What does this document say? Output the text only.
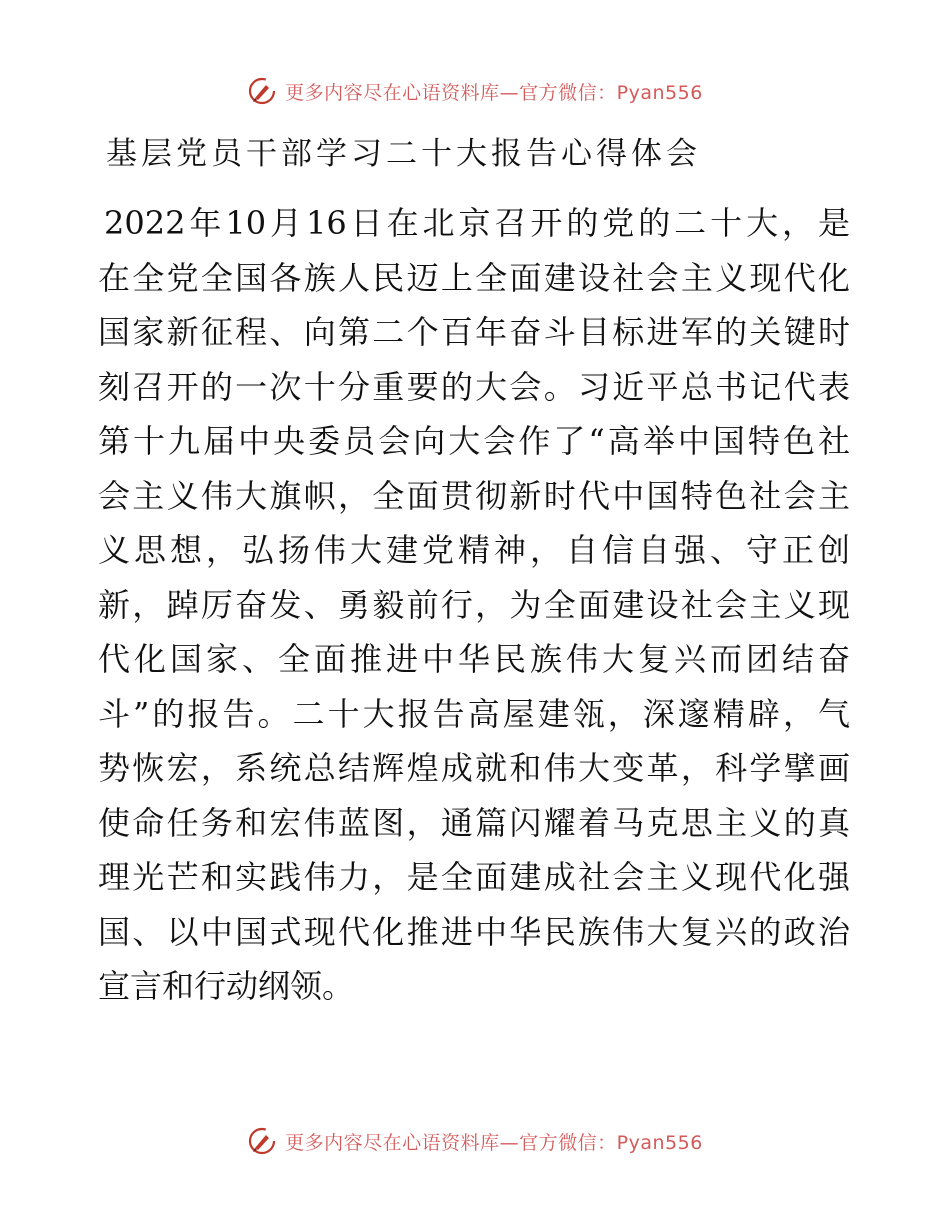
更多内容尽在心语资料库—官方微信：Pyan556
基层党员干部学习二十大报告心得体会
2022年10月16日在北京召开的党的二十大，是
在全党全国各族人民迈上全面建设社会主义现代化
国家新征程、向第二个百年奋斗目标进军的关键时
刻召开的一次十分重要的大会。习近平总书记代表
第十九届中央委员会向大会作了“高举中国特色社
会主义伟大旗帜，全面贯彻新时代中国特色社会主
义思想，弘扬伟大建党精神，自信自强、守正创
新，踔厉奋发、勇毅前行，为全面建设社会主义现
代化国家、全面推进中华民族伟大复兴而团结奋
斗”的报告。二十大报告高屋建瓴，深邃精辟，气
势恢宏，系统总结辉煌成就和伟大变革，科学擘画
使命任务和宏伟蓝图，通篇闪耀着马克思主义的真
理光芒和实践伟力，是全面建成社会主义现代化强
国、以中国式现代化推进中华民族伟大复兴的政治
宣言和行动纲领。
更多内容尽在心语资料库—官方微信：Pyan556
